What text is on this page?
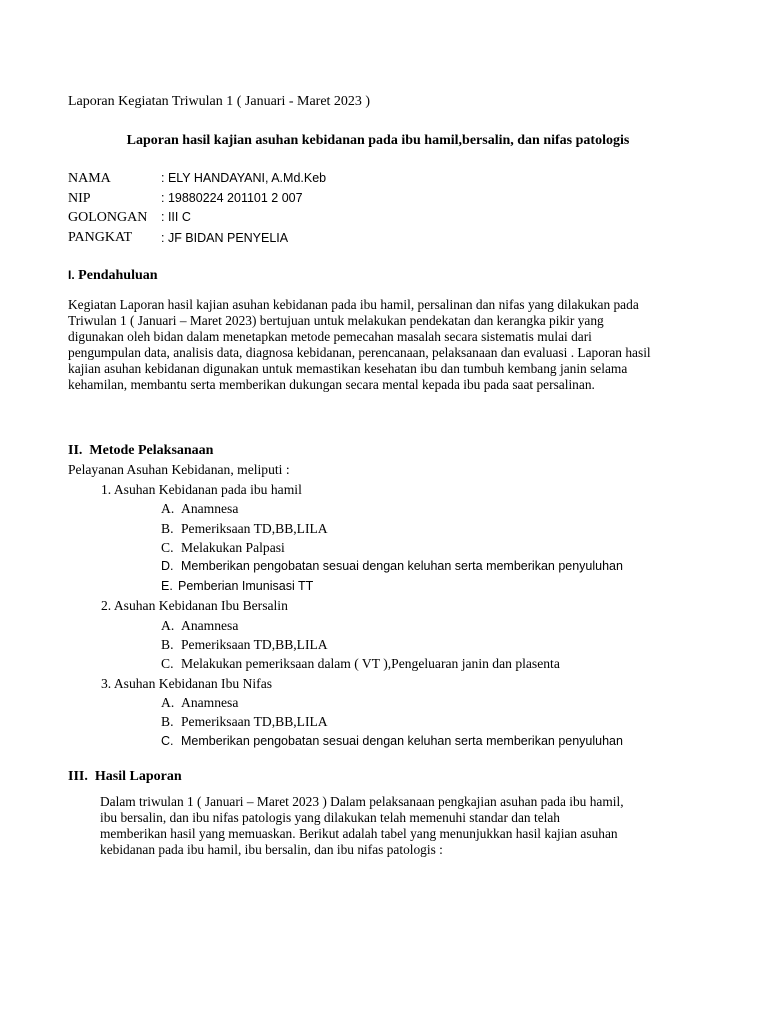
Laporan Kegiatan Triwulan 1 ( Januari - Maret 2023 )
Laporan hasil kajian asuhan kebidanan pada ibu hamil,bersalin, dan nifas patologis
NAMA	: ELY HANDAYANI, A.Md.Keb
NIP	: 19880224 201101 2 007
GOLONGAN : III C
PANGKAT : JF BIDAN PENYELIA
I. Pendahuluan
Kegiatan Laporan hasil kajian asuhan kebidanan pada ibu hamil, persalinan dan nifas yang dilakukan pada
Triwulan 1 ( Januari – Maret 2023) bertujuan untuk melakukan pendekatan dan kerangka pikir yang
digunakan oleh bidan dalam menetapkan metode pemecahan masalah secara sistematis mulai dari
pengumpulan data, analisis data, diagnosa kebidanan, perencanaan, pelaksanaan dan evaluasi . Laporan hasil
kajian asuhan kebidanan digunakan untuk memastikan kesehatan ibu dan tumbuh kembang janin selama
kehamilan, membantu serta memberikan dukungan secara mental kepada ibu pada saat persalinan.
II. Metode Pelaksanaan
Pelayanan Asuhan Kebidanan, meliputi :
1. Asuhan Kebidanan pada ibu hamil
A. Anamnesa
B. Pemeriksaan TD,BB,LILA
C. Melakukan Palpasi
D. Memberikan pengobatan sesuai dengan keluhan serta memberikan penyuluhan
E. Pemberian Imunisasi TT
2. Asuhan Kebidanan Ibu Bersalin
A. Anamnesa
B. Pemeriksaan TD,BB,LILA
C. Melakukan pemeriksaan dalam ( VT ),Pengeluaran janin dan plasenta
3. Asuhan Kebidanan Ibu Nifas
A. Anamnesa
B. Pemeriksaan TD,BB,LILA
C. Memberikan pengobatan sesuai dengan keluhan serta memberikan penyuluhan
III. Hasil Laporan
Dalam triwulan 1 ( Januari – Maret 2023 ) Dalam pelaksanaan pengkajian asuhan pada ibu hamil,
ibu bersalin, dan ibu nifas patologis yang dilakukan telah memenuhi standar dan telah
memberikan hasil yang memuaskan. Berikut adalah tabel yang menunjukkan hasil kajian asuhan
kebidanan pada ibu hamil, ibu bersalin, dan ibu nifas patologis :
